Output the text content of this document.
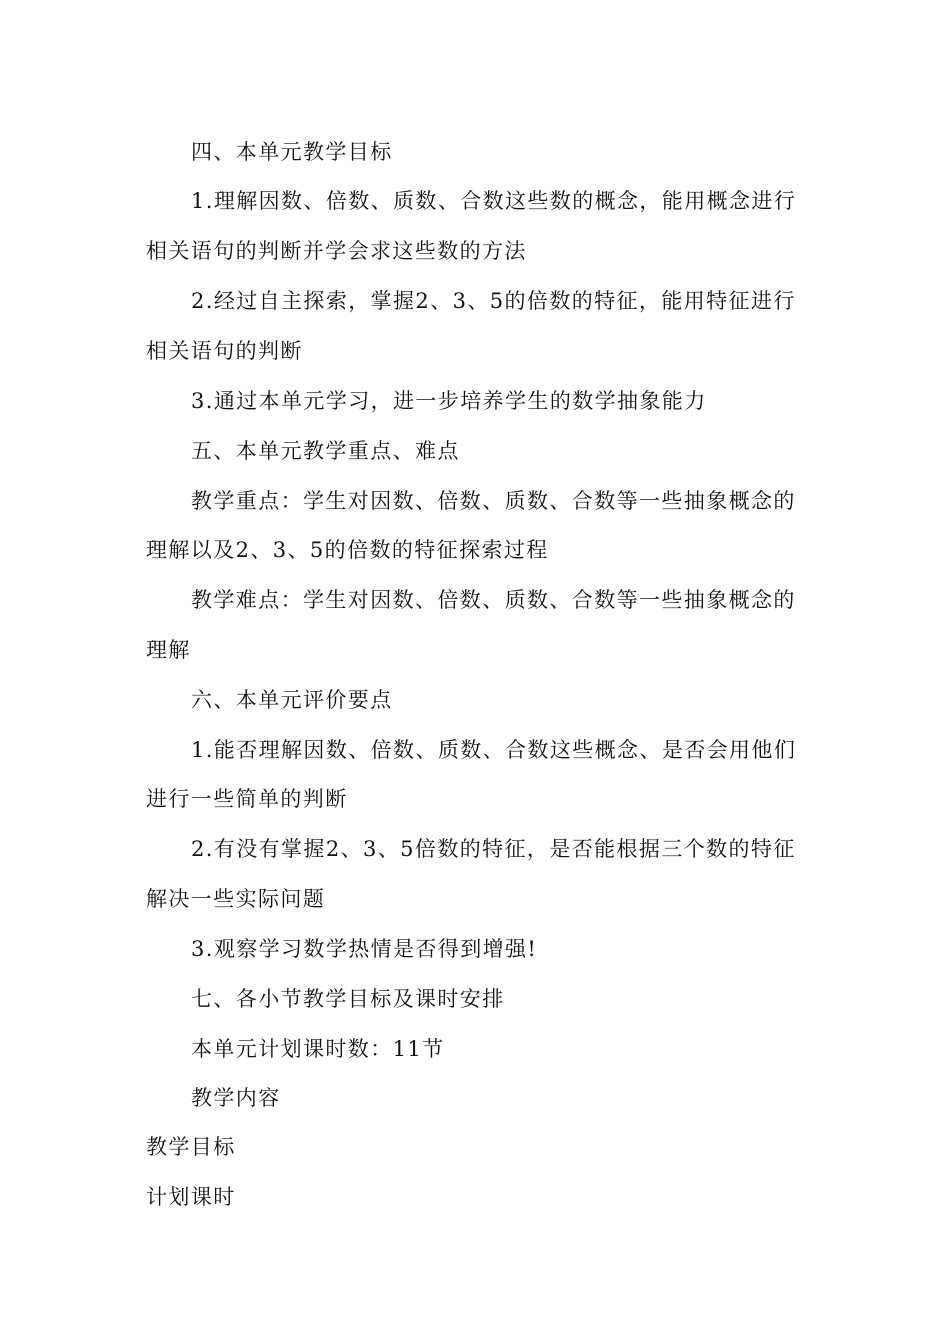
四、本单元教学目标
1.理解因数、倍数、质数、合数这些数的概念，能用概念进行
相关语句的判断并学会求这些数的方法
2.经过自主探索，掌握2、3、5的倍数的特征，能用特征进行
相关语句的判断
3.通过本单元学习，进一步培养学生的数学抽象能力
五、本单元教学重点、难点
教学重点：学生对因数、倍数、质数、合数等一些抽象概念的
理解以及2、3、5的倍数的特征探索过程
教学难点：学生对因数、倍数、质数、合数等一些抽象概念的
理解
六、本单元评价要点
1.能否理解因数、倍数、质数、合数这些概念、是否会用他们
进行一些简单的判断
2.有没有掌握2、3、5倍数的特征，是否能根据三个数的特征
解决一些实际问题
3.观察学习数学热情是否得到增强!
七、各小节教学目标及课时安排
本单元计划课时数：11节
教学内容
教学目标
计划课时
